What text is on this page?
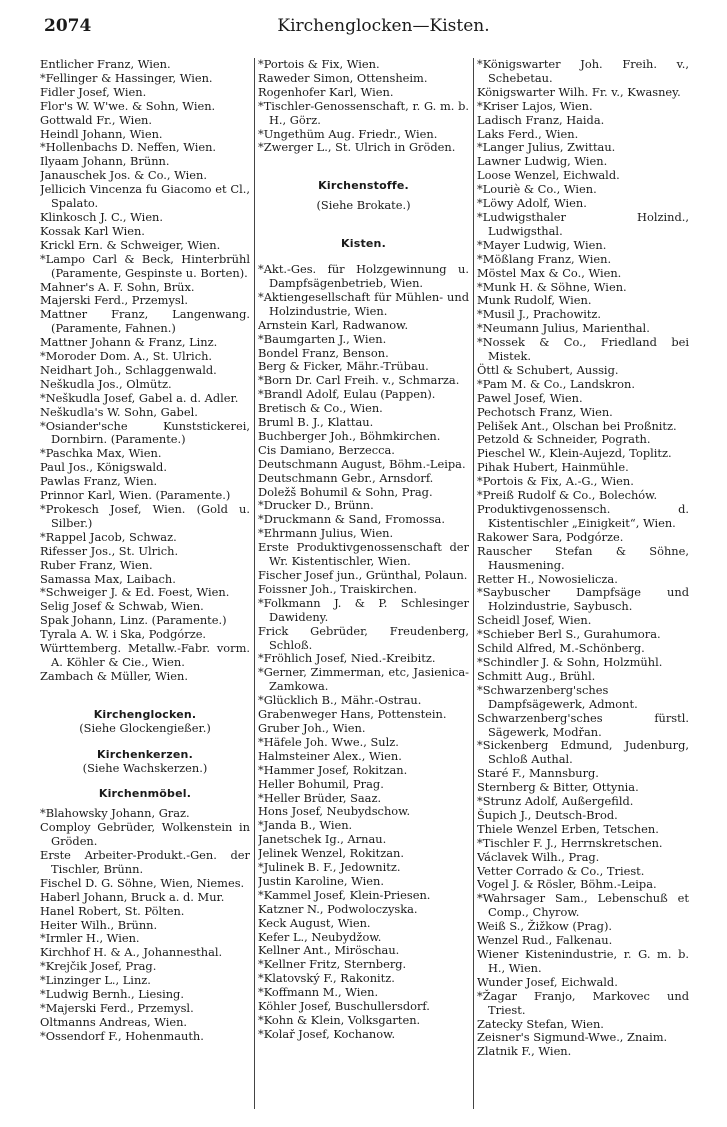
2074	Kirchenglocken—Kisten.

Entlicher Franz, Wien.

*Fellinger & Hassinger, Wien.

Fidler Josef, Wien.

Flor's W. W'we. & Sohn, Wien.

Gottwald Fr., Wien.

Heindl Johann, Wien.

*Hollenbachs D. Neffen, Wien.

Ilyaam Johann, Brünn.

Janauschek Jos. & Co., Wien.

Jellicich Vincenza fu Giacomo et Cl., Spalato.

Klinkosch J. C., Wien.

Kossak Karl Wien.

Krickl Ern. & Schweiger, Wien.

*Lampo Carl & Beck, Hinterbrühl (Paramente, Gespinste u. Borten).

Mahner's A. F. Sohn, Brüx.

Majerski Ferd., Przemysl.

Mattner Franz, Langenwang. (Paramente, Fahnen.)

Mattner Johann & Franz, Linz.

*Moroder Dom. A., St. Ulrich.

Neidhart Joh., Schlaggenwald.

Neškudla Jos., Olmütz.

*Neškudla Josef, Gabel a. d. Adler.

Neškudla's W. Sohn, Gabel.

*Osiander'sche Kunststickerei, Dornbirn. (Paramente.)

*Paschka Max, Wien.

Paul Jos., Königswald.

Pawlas Franz, Wien.

Prinnor Karl, Wien. (Paramente.)

*Prokesch Josef, Wien. (Gold u. Silber.)

*Rappel Jacob, Schwaz.

Rifesser Jos., St. Ulrich.

Ruber Franz, Wien.

Samassa Max, Laibach.

*Schweiger J. & Ed. Foest, Wien.

Selig Josef & Schwab, Wien.

Spak Johann, Linz. (Paramente.)

Tyrala A. W. i Ska, Podgórze.

Württemberg. Metallw.-Fabr. vorm. A. Köhler & Cie., Wien.

Zambach & Müller, Wien.

Kirchenglocken.

(Siehe Glockengießer.)

Kirchenkerzen.

(Siehe Wachskerzen.)

Kirchenmöbel.

*Blahowsky Johann, Graz.

Comploy Gebrüder, Wolkenstein in Gröden.

Erste Arbeiter-Produkt.-Gen. der Tischler, Brünn.

Fischel D. G. Söhne, Wien, Niemes.

Haberl Johann, Bruck a. d. Mur.

Hanel Robert, St. Pölten.

Heiter Wilh., Brünn.

*Irmler H., Wien.

Kirchhof H. & A., Johannesthal.

*Krejčik Josef, Prag.

*Linzinger L., Linz.

*Ludwig Bernh., Liesing.

*Majerski Ferd., Przemysl.

Oltmanns Andreas, Wien.

*Ossendorf F., Hohenmauth.

*Portois & Fix, Wien.

Raweder Simon, Ottensheim.

Rogenhofer Karl, Wien.

*Tischler-Genossenschaft, r. G. m. b. H., Görz.

*Ungethüm Aug. Friedr., Wien.

*Zwerger L., St. Ulrich in Gröden.

Kirchenstoffe.

(Siehe Brokate.)

Kisten.

*Akt.-Ges. für Holzgewinnung u. Dampfsägenbetrieb, Wien.

*Aktiengesellschaft für Mühlen- und Holzindustrie, Wien.

Arnstein Karl, Radwanow.

*Baumgarten J., Wien.

Bondel Franz, Benson.

Berg & Ficker, Mähr.-Trübau.

*Born Dr. Carl Freih. v., Schmarza.

*Brandl Adolf, Eulau (Pappen).

Bretisch & Co., Wien.

Bruml B. J., Klattau.

Buchberger Joh., Böhmkirchen.

Cis Damiano, Berzecca.

Deutschmann August, Böhm.-Leipa.

Deutschmann Gebr., Arnsdorf.

Doležš Bohumil & Sohn, Prag.

*Drucker D., Brünn.

*Druckmann & Sand, Fromossa.

*Ehrmann Julius, Wien.

Erste Produktivgenossenschaft der Wr. Kistentischler, Wien.

Fischer Josef jun., Grünthal, Polaun.

Foissner Joh., Traiskirchen.

*Folkmann J. & P. Schlesinger Dawideny.

Frick Gebrüder, Freudenberg, Schloß.

*Fröhlich Josef, Nied.-Kreibitz.

*Gerner, Zimmerman, etc, Jasienica-Zamkowa.

*Glücklich B., Mähr.-Ostrau.

Grabenweger Hans, Pottenstein.

Gruber Joh., Wien.

*Häfele Joh. Wwe., Sulz.

Halmsteiner Alex., Wien.

*Hammer Josef, Rokitzan.

Heller Bohumil, Prag.

*Heller Brüder, Saaz.

Hons Josef, Neubydschow.

*Janda B., Wien.

Janetschek Ig., Arnau.

Jelinek Wenzel, Rokitzan.

*Julinek B. F., Jedownitz.

Justin Karoline, Wien.

*Kammel Josef, Klein-Priesen.

Katzner N., Podwoloczyska.

Keck August, Wien.

Kefer L., Neubydžow.

Kellner Ant., Miröschau.

*Kellner Fritz, Sternberg.

*Klatovský F., Rakonitz.

*Koffmann M., Wien.

Köhler Josef, Buschullersdorf.

*Kohn & Klein, Volksgarten.

*Kolař Josef, Kochanow.

*Königswarter Joh. Freih. v., Schebetau.

Königswarter Wilh. Fr. v., Kwasney.

*Kriser Lajos, Wien.

Ladisch Franz, Haida.

Laks Ferd., Wien.

*Langer Julius, Zwittau.

Lawner Ludwig, Wien.

Loose Wenzel, Eichwald.

*Louriè & Co., Wien.

*Löwy Adolf, Wien.

*Ludwigsthaler Holzind., Ludwigsthal.

*Mayer Ludwig, Wien.

*Mößlang Franz, Wien.

Möstel Max & Co., Wien.

*Munk H. & Söhne, Wien.

Munk Rudolf, Wien.

*Musil J., Prachowitz.

*Neumann Julius, Marienthal.

*Nossek & Co., Friedland bei Mistek.

Öttl & Schubert, Aussig.

*Pam M. & Co., Landskron.

Pawel Josef, Wien.

Pechotsch Franz, Wien.

Pelišek Ant., Olschan bei Proßnitz.

Petzold & Schneider, Pograth.

Pieschel W., Klein-Aujezd, Toplitz.

Pihak Hubert, Hainmühle.

*Portois & Fix, A.-G., Wien.

*Preiß Rudolf & Co., Bolechów.

Produktivgenossensch. d. Kistentischler „Einigkeit“, Wien.

Rakower Sara, Podgórze.

Rauscher Stefan & Söhne, Hausmening.

Retter H., Nowosielicza.

*Saybuscher Dampfsäge und Holzindustrie, Saybusch.

Scheidl Josef, Wien.

*Schieber Berl S., Gurahumora.

Schild Alfred, M.-Schönberg.

*Schindler J. & Sohn, Holzmühl.

Schmitt Aug., Brühl.

*Schwarzenberg'sches Dampfsägewerk, Admont.

Schwarzenberg'sches fürstl. Sägewerk, Modřan.

*Sickenberg Edmund, Judenburg, Schloß Authal.

Staré F., Mannsburg.

Sternberg & Bitter, Ottynia.

*Strunz Adolf, Außergefild.

Šupich J., Deutsch-Brod.

Thiele Wenzel Erben, Tetschen.

*Tischler F. J., Herrnskretschen.

Václavek Wilh., Prag.

Vetter Corrado & Co., Triest.

Vogel J. & Rösler, Böhm.-Leipa.

*Wahrsager Sam., Lebenschuß et Comp., Chyrow.

Weiß S., Žižkow (Prag).

Wenzel Rud., Falkenau.

Wiener Kistenindustrie, r. G. m. b. H., Wien.

Wunder Josef, Eichwald.

*Žagar Franjo, Markovec und Triest.

Zatecky Stefan, Wien.

Zeisner's Sigmund-Wwe., Znaim.

Zlatnik F., Wien.
